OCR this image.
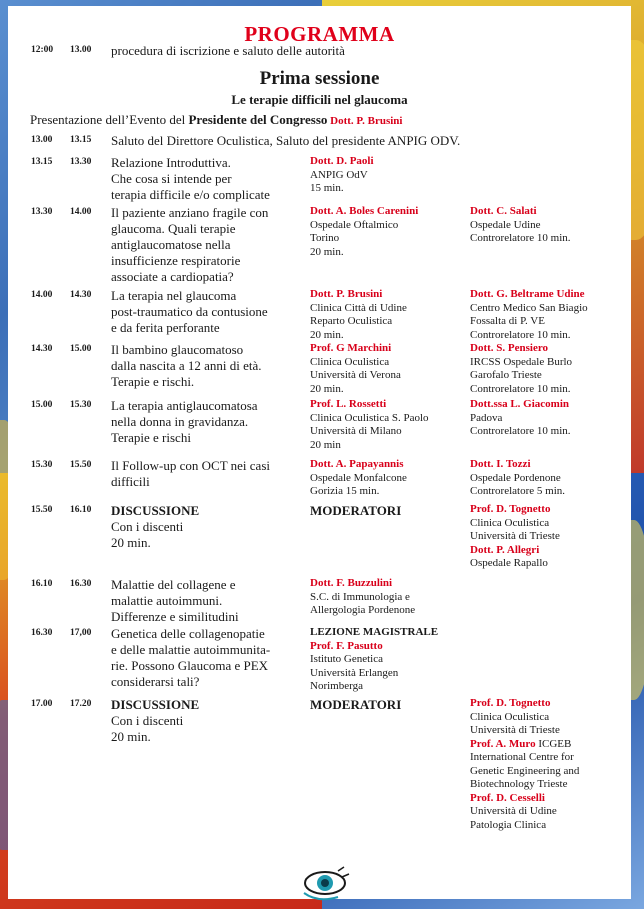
PROGRAMMA
12:00 13.00 procedura di iscrizione e saluto delle autorità
Prima sessione
Le terapie difficili nel glaucoma
Presentazione dell’Evento del Presidente del Congresso Dott. P. Brusini
13.00 13.15 Saluto del Direttore Oculistica, Saluto del presidente ANPIG ODV.
13.15 13.30 Relazione Introduttiva.
Che cosa si intende per
terapia difficile e/o complicate
Dott. D. Paoli
ANPIG OdV
15 min.
13.30 14.00 Il paziente anziano fragile con
glaucoma. Quali terapie
antiglaucomatose nella
insufficienze respiratorie
associate a cardiopatia?
Dott. A. Boles Carenini
Ospedale Oftalmico
Torino
20 min.
Dott. C. Salati
Ospedale Udine
Controrelatore 10 min.
14.00 14.30 La terapia nel glaucoma
post-traumatico da contusione
e da ferita perforante
Dott. P. Brusini
Clinica Città di Udine
Reparto Oculistica
20 min.
Dott. G. Beltrame Udine
Centro Medico San Biagio
Fossalta di P. VE
Controrelatore 10 min.
14.30 15.00 Il bambino glaucomatoso
dalla nascita a 12 anni di età.
Terapie e rischi.
Prof. G Marchini
Clinica Oculistica
Università di Verona
20 min.
Dott. S. Pensiero
IRCSS Ospedale Burlo
Garofalo Trieste
Controrelatore 10 min.
15.00 15.30 La terapia antiglaucomatosa
nella donna in gravidanza.
Terapie e rischi
Prof. L. Rossetti
Clinica Oculistica S. Paolo
Università di Milano
20 min
Dott.ssa L. Giacomin
Padova
Controrelatore 10 min.
15.30 15.50 Il Follow-up con OCT nei casi
difficili
Dott. A. Papayannis
Ospedale Monfalcone
Gorizia 15 min.
Dott. I. Tozzi
Ospedale Pordenone
Controrelatore 5 min.
15.50 16.10 DISCUSSIONE
Con i discenti
20 min.
MODERATORI	Prof. D. Tognetto
Clinica Oculistica
Università di Trieste
Dott. P. Allegri
Ospedale Rapallo
16.10 16.30 Malattie del collagene e
malattie autoimmuni.
Differenze e similitudini
Dott. F. Buzzulini
S.C. di Immunologia e
Allergologia Pordenone
16.30 17,00 Genetica delle collagenopatie
e delle malattie autoimmunita-
rie. Possono Glaucoma e PEX
considerarsi tali?
LEZIONE MAGISTRALE
Prof. F. Pasutto
Istituto Genetica
Università Erlangen
Norimberga
17.00 17.20 DISCUSSIONE
Con i discenti
20 min.
MODERATORI	Prof. D. Tognetto
Clinica Oculistica
Università di Trieste
Prof. A. Muro ICGEB
International Centre for
Genetic Engineering and
Biotechnology Trieste
Prof. D. Cesselli
Università di Udine
Patologia Clinica
